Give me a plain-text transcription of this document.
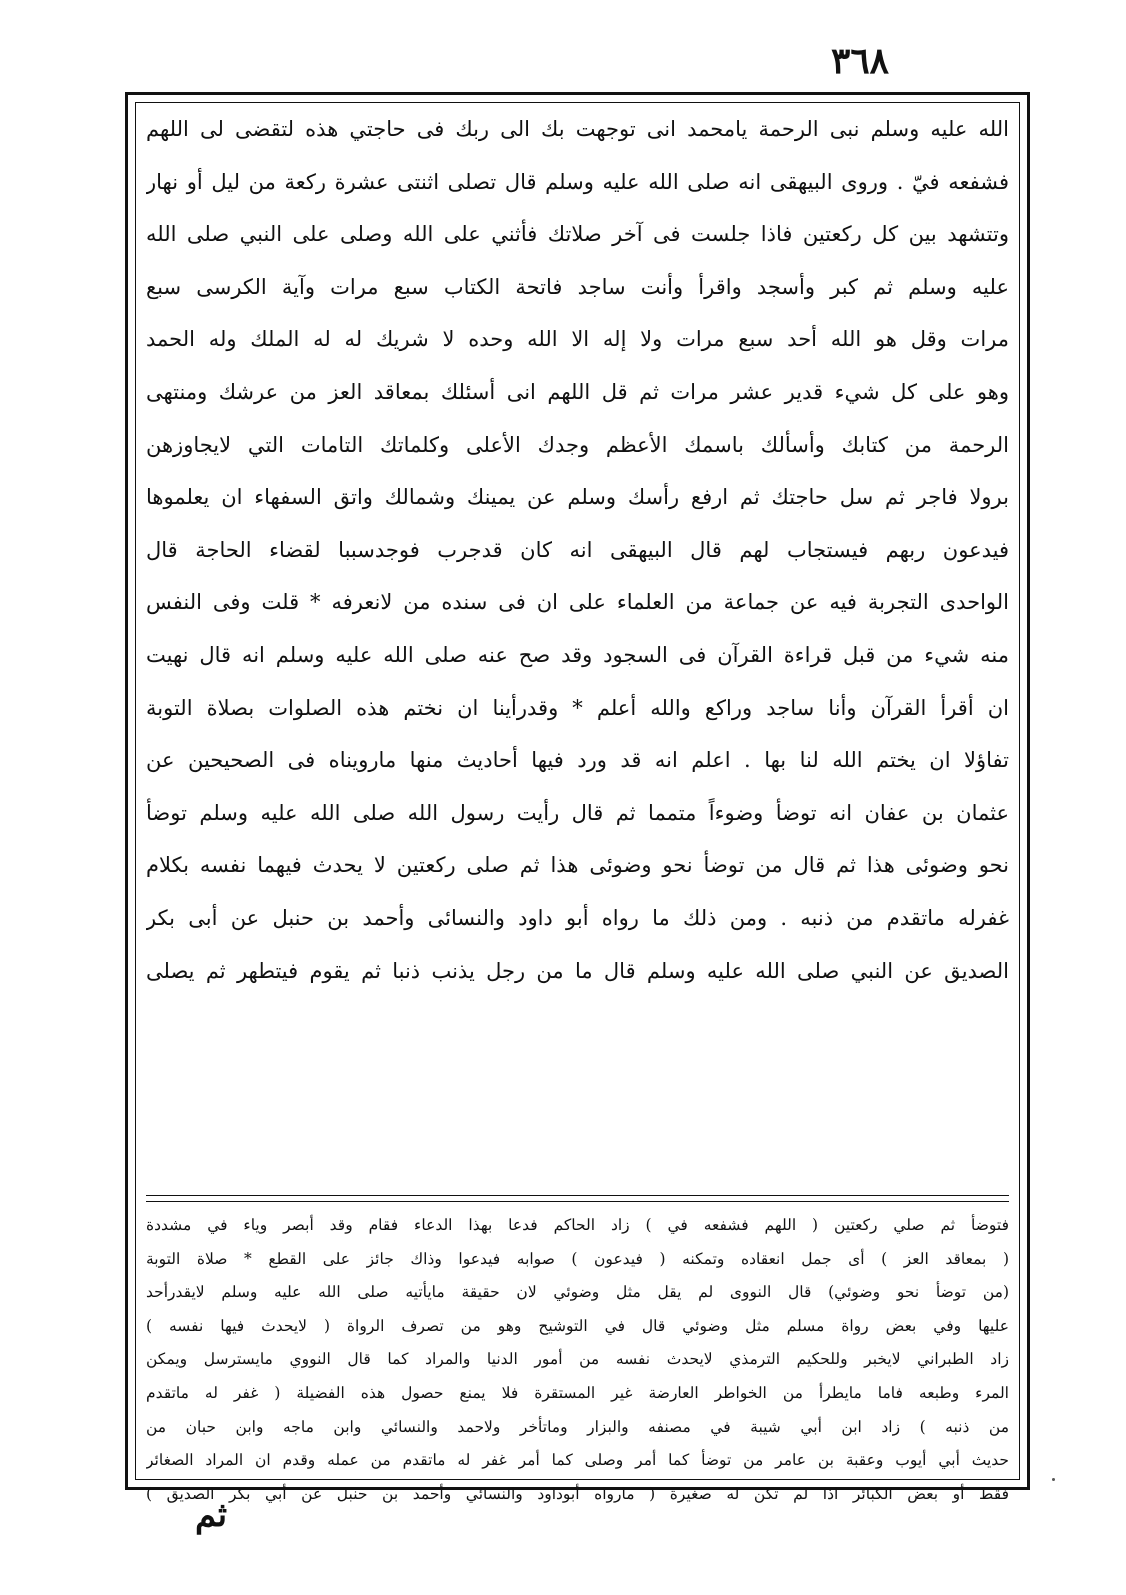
٣٦٨
الله عليه وسلم نبى الرحمة يامحمد انى توجهت بك الى ربك فى حاجتي هذه لتقضى لى اللهم
فشفعه فيّ . وروى البيهقى انه صلى الله عليه وسلم قال تصلى اثنتى عشرة ركعة من ليل أو نهار
وتتشهد بين كل ركعتين فاذا جلست فى آخر صلاتك فأثني على الله وصلى على النبي صلى الله
عليه وسلم ثم كبر وأسجد واقرأ وأنت ساجد فاتحة الكتاب سبع مرات وآية الكرسى سبع
مرات وقل هو الله أحد سبع مرات ولا إله الا الله وحده لا شريك له له الملك وله الحمد
وهو على كل شيء قدير عشر مرات ثم قل اللهم انى أسئلك بمعاقد العز من عرشك ومنتهى
الرحمة من كتابك وأسألك باسمك الأعظم وجدك الأعلى وكلماتك التامات التي لايجاوزهن
برولا فاجر ثم سل حاجتك ثم ارفع رأسك وسلم عن يمينك وشمالك واتق السفهاء ان يعلموها
فيدعون ربهم فيستجاب لهم قال البيهقى انه كان قدجرب فوجدسببا لقضاء الحاجة قال
الواحدى التجربة فيه عن جماعة من العلماء على ان فى سنده من لانعرفه * قلت وفى النفس
منه شيء من قبل قراءة القرآن فى السجود وقد صح عنه صلى الله عليه وسلم انه قال نهيت
ان أقرأ القرآن وأنا ساجد وراكع والله أعلم * وقدرأينا ان نختم هذه الصلوات بصلاة التوبة
تفاؤلا ان يختم الله لنا بها . اعلم انه قد ورد فيها أحاديث منها مارويناه فى الصحيحين عن
عثمان بن عفان انه توضأ وضوءاً متمما ثم قال رأيت رسول الله صلى الله عليه وسلم توضأ
نحو وضوئى هذا ثم قال من توضأ نحو وضوئى هذا ثم صلى ركعتين لا يحدث فيهما نفسه بكلام
غفرله ماتقدم من ذنبه . ومن ذلك ما رواه أبو داود والنسائى وأحمد بن حنبل عن أبى بكر
الصديق عن النبي صلى الله عليه وسلم قال ما من رجل يذنب ذنبا ثم يقوم فيتطهر ثم يصلى
فتوضأ ثم صلي ركعتين ( اللهم فشفعه في ) زاد الحاكم فدعا بهذا الدعاء فقام وقد أبصر وياء في مشددة
( بمعاقد العز ) أى جمل انعقاده وتمكنه ( فيدعون ) صوابه فيدعوا وذاك جائز على القطع * صلاة التوبة
(من توضأ نحو وضوئي) قال النووى لم يقل مثل وضوئي لان حقيقة مايأتيه صلى الله عليه وسلم لايقدرأحد
عليها وفي بعض رواة مسلم مثل وضوئي قال في التوشيح وهو من تصرف الرواة ( لايحدث فيها نفسه )
زاد الطبراني لايخبر وللحكيم الترمذي لايحدث نفسه من أمور الدنيا والمراد كما قال النووي مايسترسل ويمكن
المرء وطبعه فاما مايطرأ من الخواطر العارضة غير المستقرة فلا يمنع حصول هذه الفضيلة ( غفر له ماتقدم
من ذنبه ) زاد ابن أبي شيبة في مصنفه والبزار وماتأخر ولاحمد والنسائي وابن ماجه وابن حبان من
حديث أبي أيوب وعقبة بن عامر من توضأ كما أمر وصلى كما أمر غفر له ماتقدم من عمله وقدم ان المراد الصغائر
فقط أو بعض الكبائر اذا لم تكن له صغيرة ( مارواه أبوداود والنسائي وأحمد بن حنبل عن أبي بكر الصديق )
ثم
